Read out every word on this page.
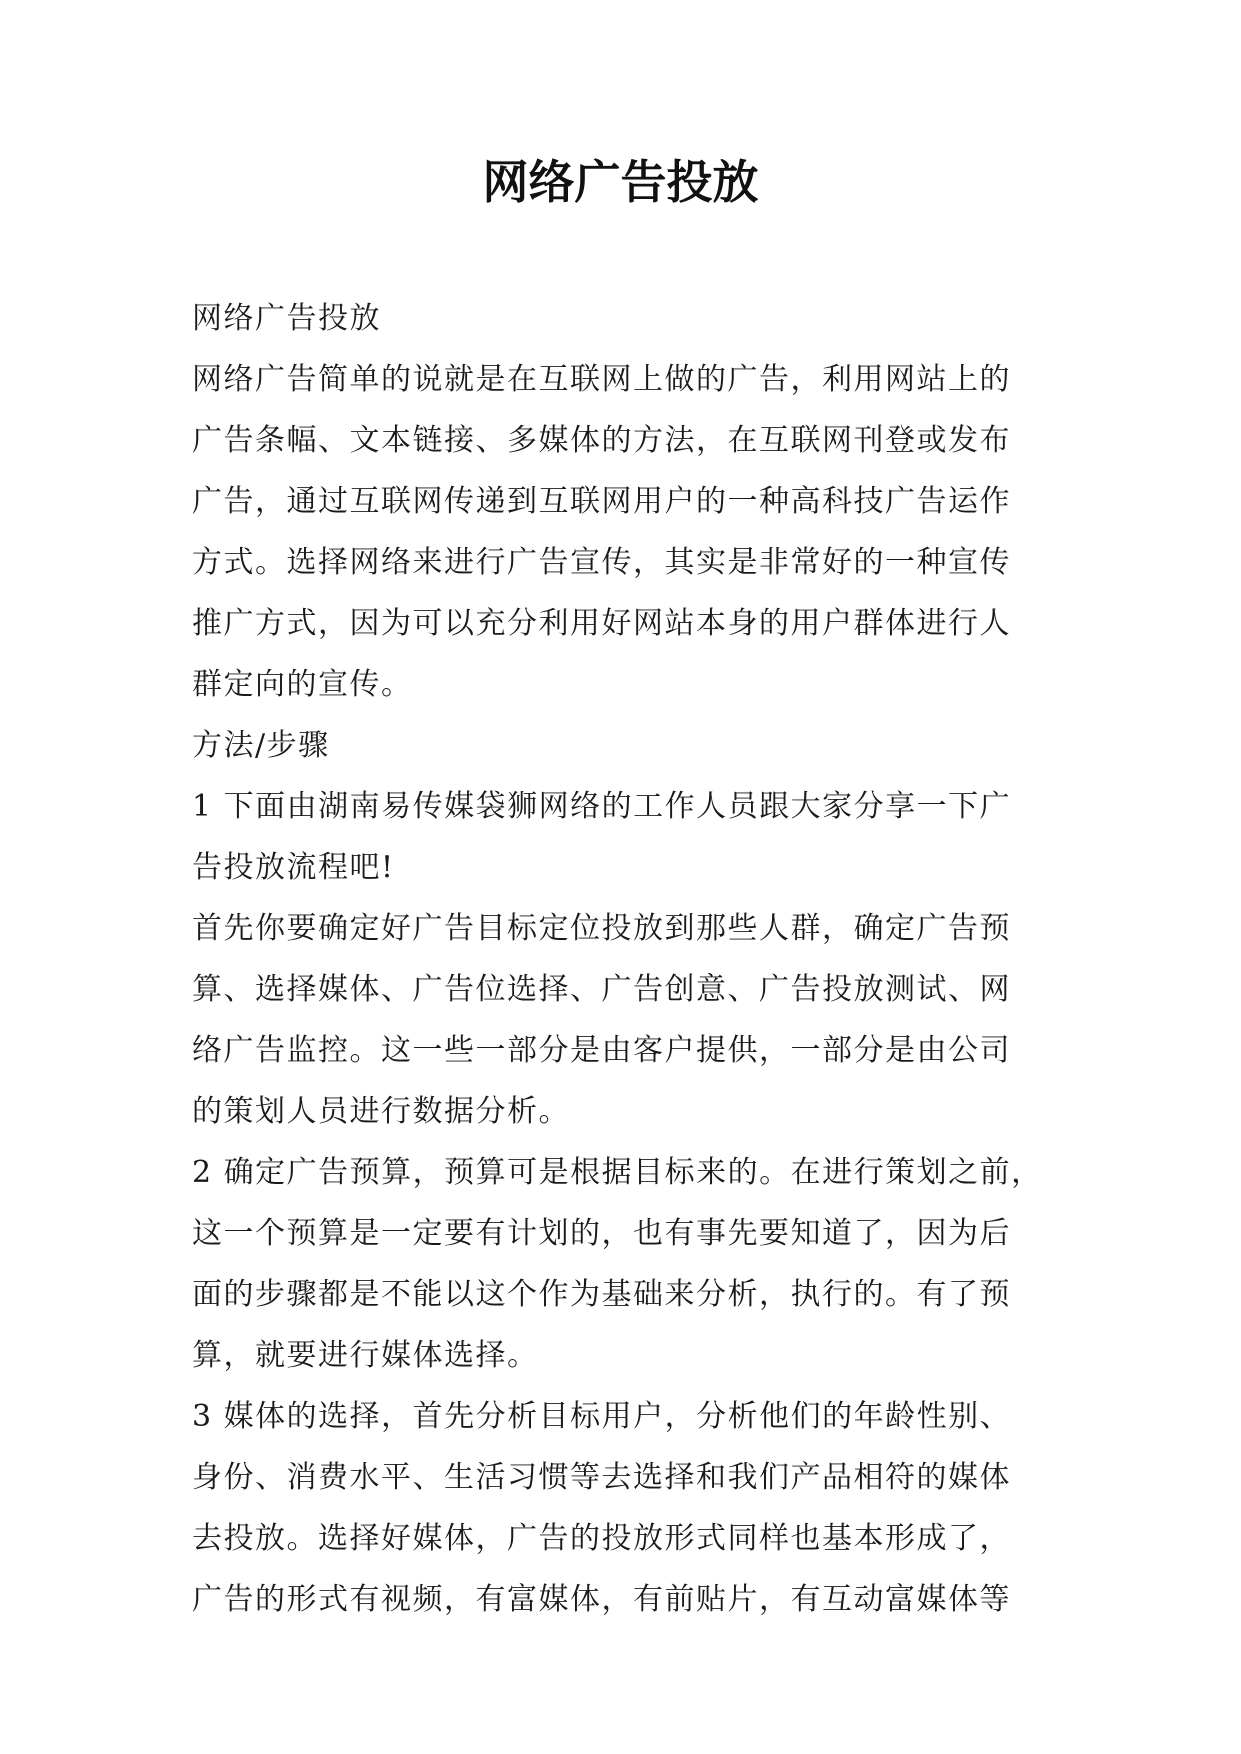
网络广告投放
网络广告投放
网络广告简单的说就是在互联网上做的广告，利用网站上的
广告条幅、文本链接、多媒体的方法，在互联网刊登或发布
广告，通过互联网传递到互联网用户的一种高科技广告运作
方式。选择网络来进行广告宣传，其实是非常好的一种宣传
推广方式，因为可以充分利用好网站本身的用户群体进行人
群定向的宣传。
方法/步骤
1 下面由湖南易传媒袋狮网络的工作人员跟大家分享一下广
告投放流程吧!
首先你要确定好广告目标定位投放到那些人群，确定广告预
算、选择媒体、广告位选择、广告创意、广告投放测试、网
络广告监控。这一些一部分是由客户提供，一部分是由公司
的策划人员进行数据分析。
2 确定广告预算，预算可是根据目标来的。在进行策划之前，
这一个预算是一定要有计划的，也有事先要知道了，因为后
面的步骤都是不能以这个作为基础来分析，执行的。有了预
算，就要进行媒体选择。
3 媒体的选择，首先分析目标用户，分析他们的年龄性别、
身份、消费水平、生活习惯等去选择和我们产品相符的媒体
去投放。选择好媒体，广告的投放形式同样也基本形成了，
广告的形式有视频，有富媒体，有前贴片，有互动富媒体等
